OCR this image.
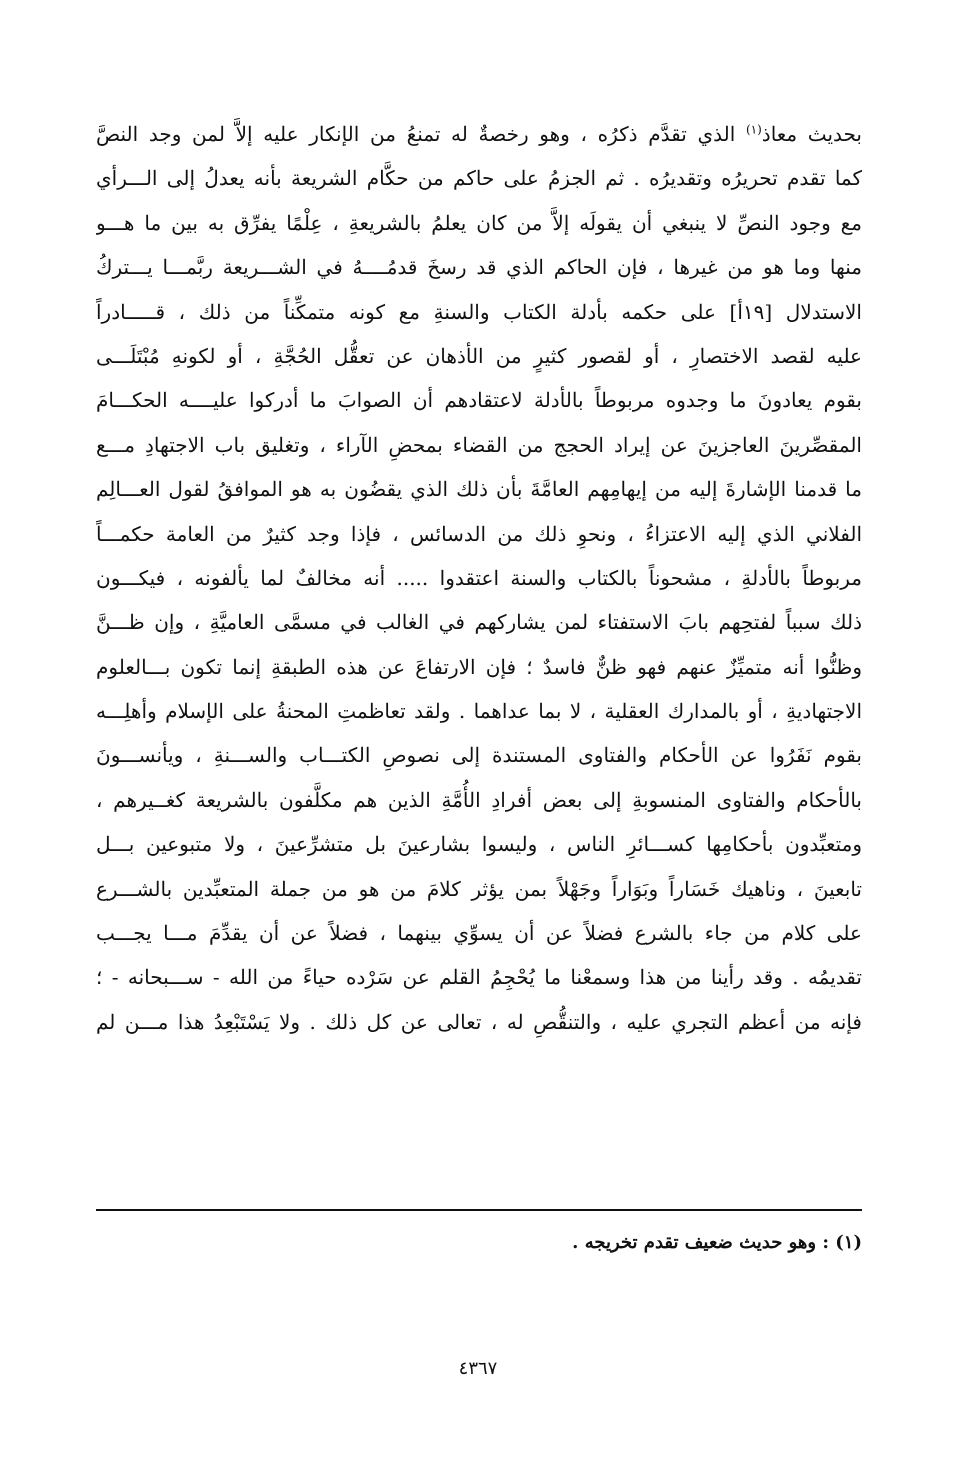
بحديث معاذ$^{(١)}$ الذي تقدَّم ذكرُه ، وهو رخصةٌ له تمنعُ من الإنكار عليه إلاَّ لمن وجد النصَّ
كما تقدم تحريرُه وتقديرُه . ثم الجزمُ على حاكم من حكَّام الشريعة بأنه يعدلُ إلى الـــرأي
مع وجود النصِّ لا ينبغي أن يقولَه إلاَّ من كان يعلمُ بالشريعةِ ، عِلْمًا يفرِّق به بين ما هـــو
منها وما هو من غيرها ، فإن الحاكم الذي قد رسخَ قدمُــــهُ في الشـــريعة ربَّمـــا يـــتركُ
الاستدلال [١٩أ] على حكمه بأدلة الكتاب والسنةِ مع كونه متمكِّناً من ذلك ، قـــــادراً
عليه لقصد الاختصارِ ، أو لقصور كثيرٍ من الأذهان عن تعقُّل الحُجَّةِ ، أو لكونهِ مُبْتَلَـــى
بقوم يعادونَ ما وجدوه مربوطاً بالأدلة لاعتقادهم أن الصوابَ ما أدركوا عليــــه الحكـــامَ
المقصِّرينَ العاجزينَ عن إيراد الحجج من القضاء بمحضِ الآراء ، وتغليق باب الاجتهادِ مـــع
ما قدمنا الإشارةَ إليه من إيهامِهم العامَّةَ بأن ذلك الذي يقضُون به هو الموافقُ لقول العـــالِم
الفلاني الذي إليه الاعتزاءُ ، ونحوِ ذلك من الدسائس ، فإذا وجد كثيرٌ من العامة حكمـــاً
مربوطاً بالأدلةِ ، مشحوناً بالكتاب والسنة اعتقدوا ..... أنه مخالفٌ لما يألفونه ، فيكـــون
ذلك سبباً لفتحِهم بابَ الاستفتاء لمن يشاركهم في الغالب في مسمَّى العاميَّةِ ، وإن ظـــنَّ
وظنُّوا أنه متميِّزٌ عنهم فهو ظنٌّ فاسدٌ ؛ فإن الارتفاعَ عن هذه الطبقةِ إنما تكون بـــالعلوم
الاجتهاديةِ ، أو بالمدارك العقلية ، لا بما عداهما . ولقد تعاظمتِ المحنةُ على الإسلام وأهلِـــه
بقوم نَفَرُوا عن الأحكام والفتاوى المستندة إلى نصوصِ الكتـــاب والســـنةِ ، ويأنســـونَ
بالأحكام والفتاوى المنسوبةِ إلى بعض أفرادِ الأُمَّةِ الذين هم مكلَّفون بالشريعة كغــيرهم ،
ومتعبِّدون بأحكامِها كســـائرِ الناس ، وليسوا بشارعينَ بل متشرِّعينَ ، ولا متبوعين بـــل
تابعينَ ، وناهيك خَسَاراً وبَوَاراً وجَهْلاً بمن يؤثر كلامَ من هو من جملة المتعبِّدين بالشـــرع
على كلام من جاء بالشرع فضلاً عن أن يسوِّي بينهما ، فضلاً عن أن يقدِّمَ مـــا يجـــب
تقديمُه . وقد رأينا من هذا وسمعْنا ما يُحْجِمُ القلم عن سَرْده حياءً من الله - ســـبحانه - ؛
فإنه من أعظم التجري عليه ، والتنقُّصِ له ، تعالى عن كل ذلك . ولا يَسْتَبْعِدُ هذا مـــن لم
(١) : وهو حديث ضعيف تقدم تخريجه .
٤٣٦٧
